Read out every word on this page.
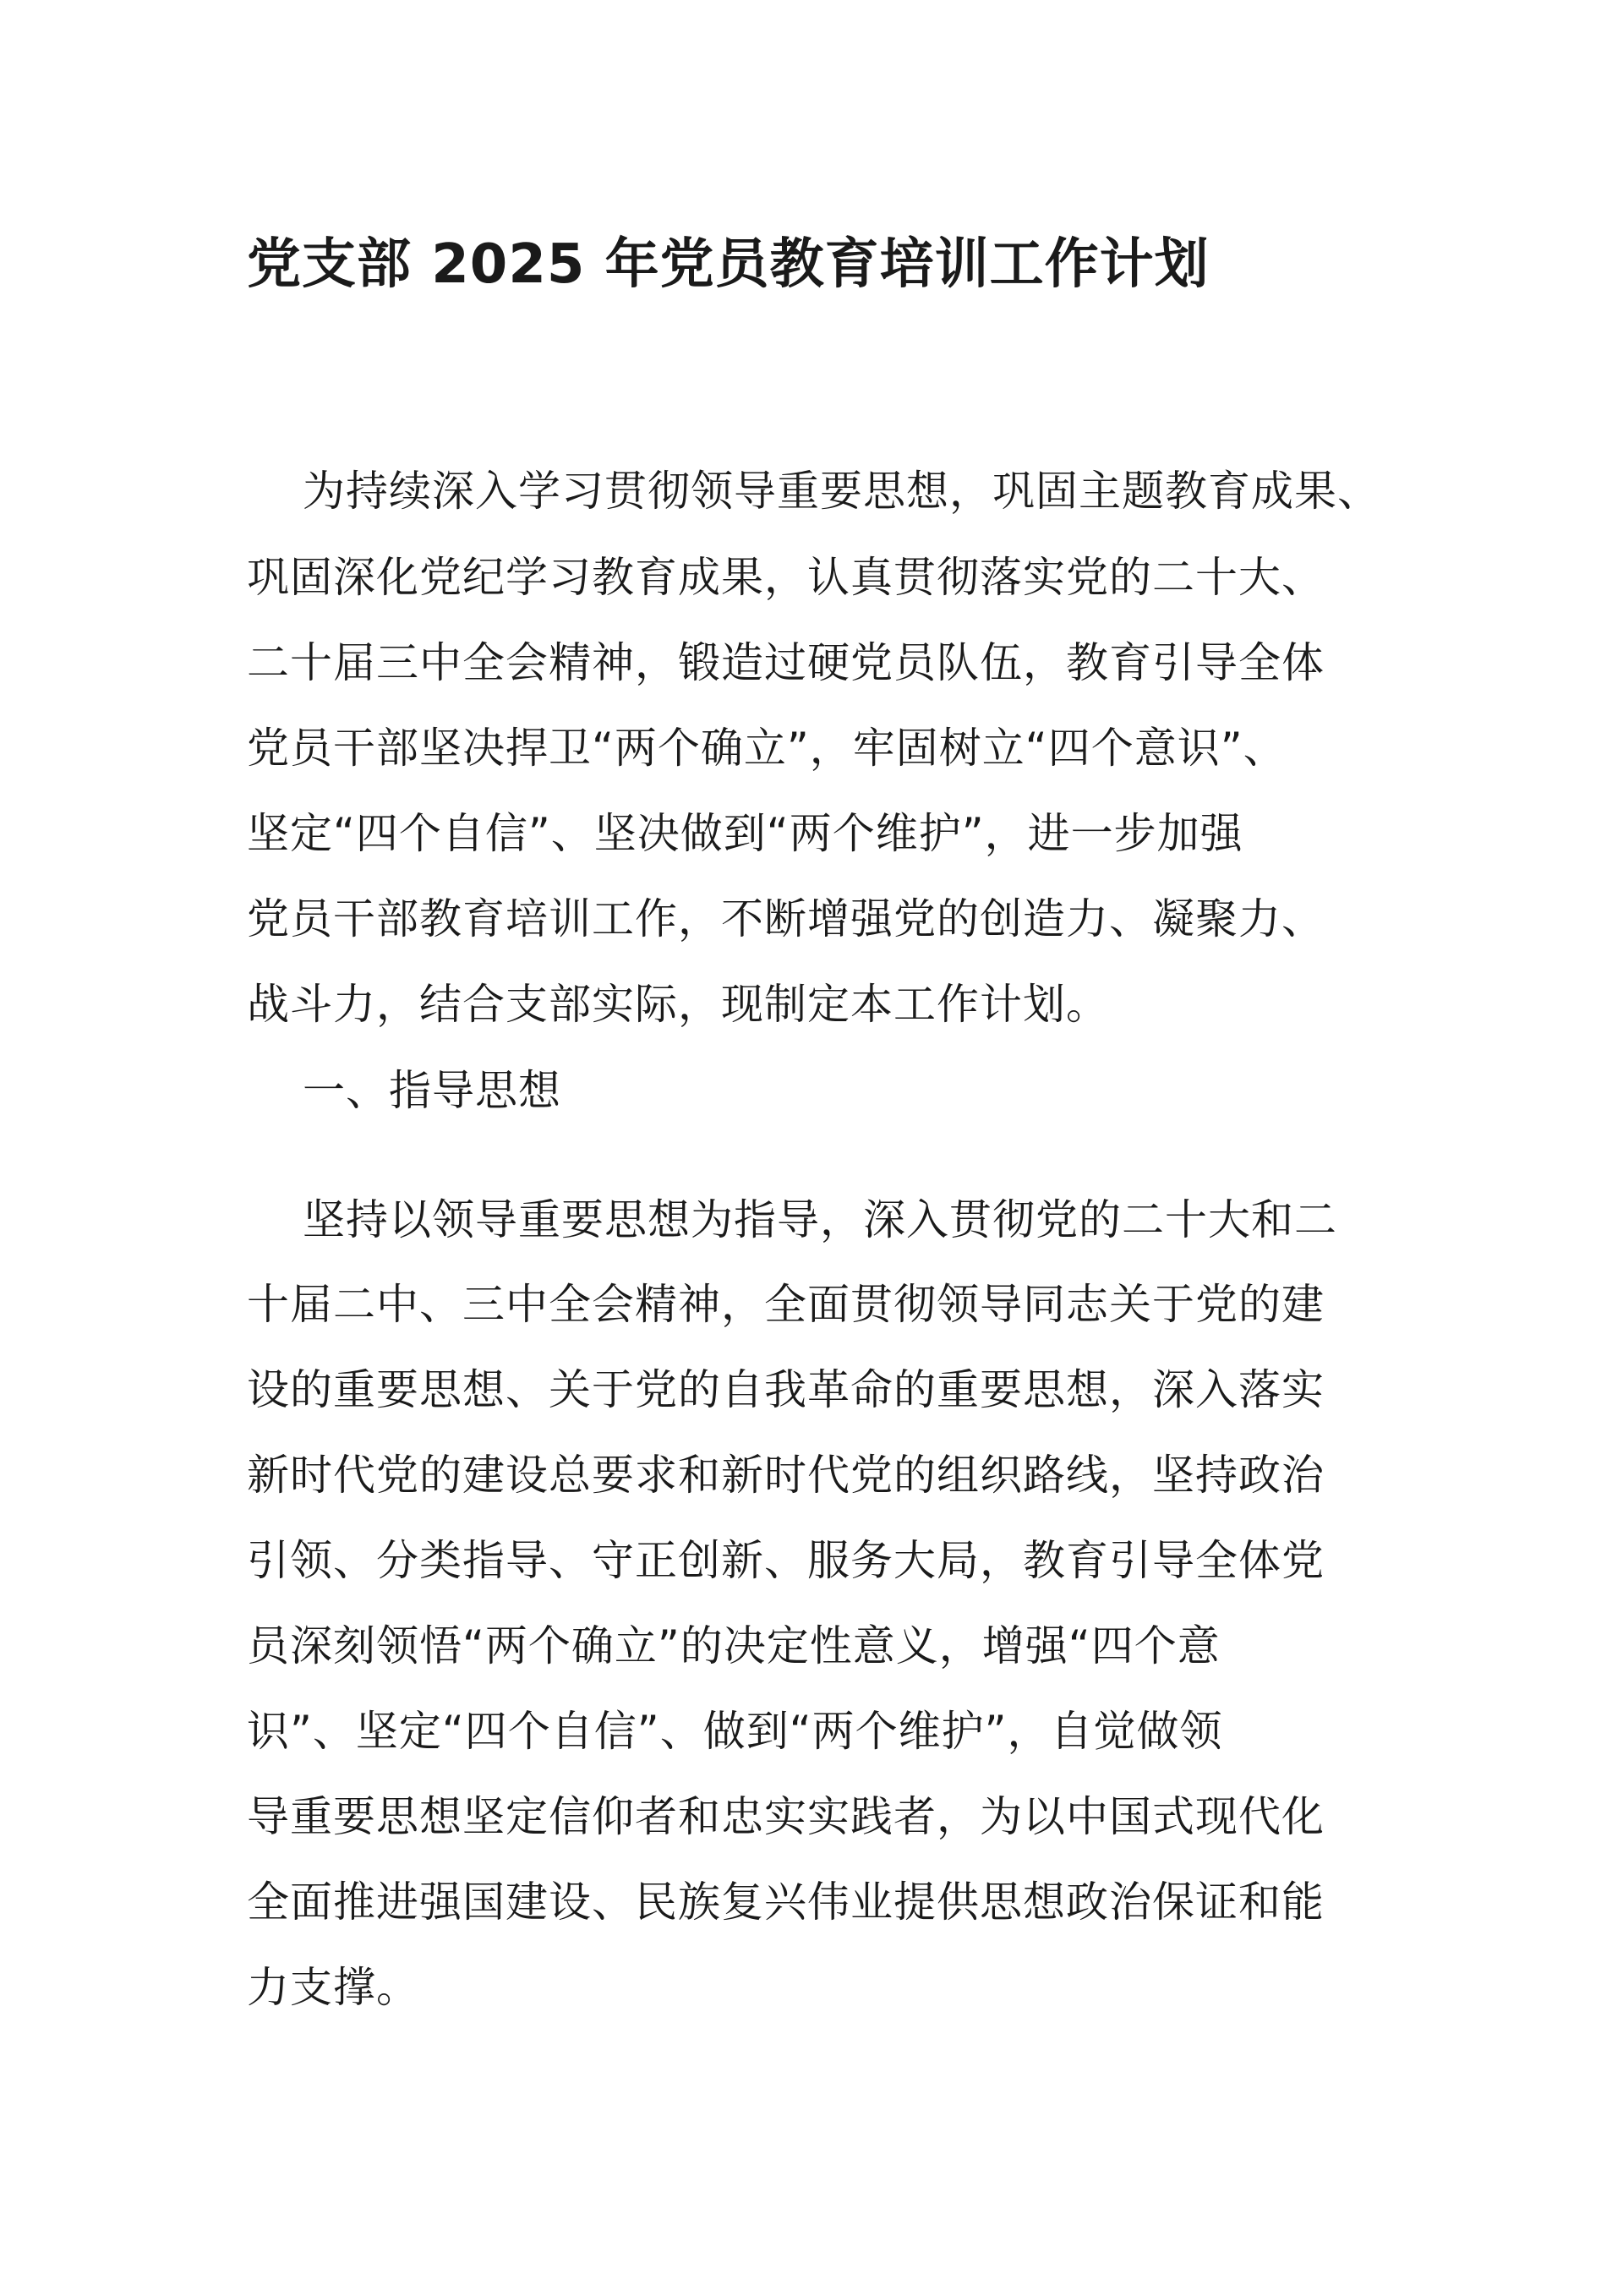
党支部 2025 年党员教育培训工作计划
为持续深入学习贯彻领导重要思想，巩固主题教育成果、
巩固深化党纪学习教育成果，认真贯彻落实党的二十大、
二十届三中全会精神，锻造过硬党员队伍，教育引导全体
党员干部坚决捍卫“两个确立”，牢固树立“四个意识”、
坚定“四个自信”、坚决做到“两个维护”，进一步加强
党员干部教育培训工作，不断增强党的创造力、凝聚力、
战斗力，结合支部实际，现制定本工作计划。
一、指导思想
坚持以领导重要思想为指导，深入贯彻党的二十大和二
十届二中、三中全会精神，全面贯彻领导同志关于党的建
设的重要思想、关于党的自我革命的重要思想，深入落实
新时代党的建设总要求和新时代党的组织路线，坚持政治
引领、分类指导、守正创新、服务大局，教育引导全体党
员深刻领悟“两个确立”的决定性意义，增强“四个意
识”、坚定“四个自信”、做到“两个维护”，自觉做领
导重要思想坚定信仰者和忠实实践者，为以中国式现代化
全面推进强国建设、民族复兴伟业提供思想政治保证和能
力支撑。
